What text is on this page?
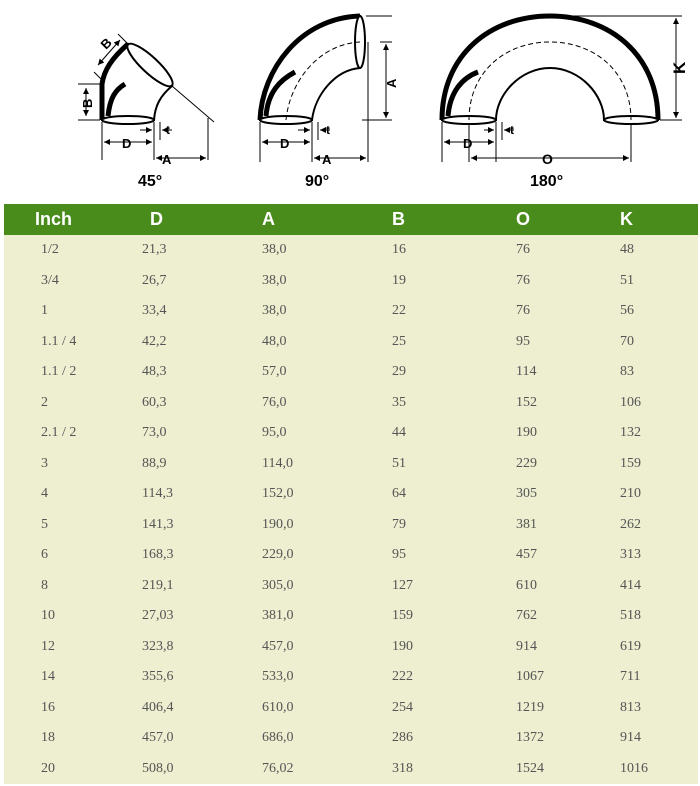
B
B
D
t
A
45°
A
D
t
A
90°
K
D
t
O
180°
Inch	D	A	B	O	K
1/2	21,3	38,0	16	76	48
3/4	26,7	38,0	19	76	51
1	33,4	38,0	22	76	56
1.1 / 4	42,2	48,0	25	95	70
1.1 / 2	48,3	57,0	29	114	83
2	60,3	76,0	35	152	106
2.1 / 2	73,0	95,0	44	190	132
3	88,9	114,0	51	229	159
4	114,3	152,0	64	305	210
5	141,3	190,0	79	381	262
6	168,3	229,0	95	457	313
8	219,1	305,0	127	610	414
10	27,03	381,0	159	762	518
12	323,8	457,0	190	914	619
14	355,6	533,0	222	1067	711
16	406,4	610,0	254	1219	813
18	457,0	686,0	286	1372	914
20	508,0	76,02	318	1524	1016
